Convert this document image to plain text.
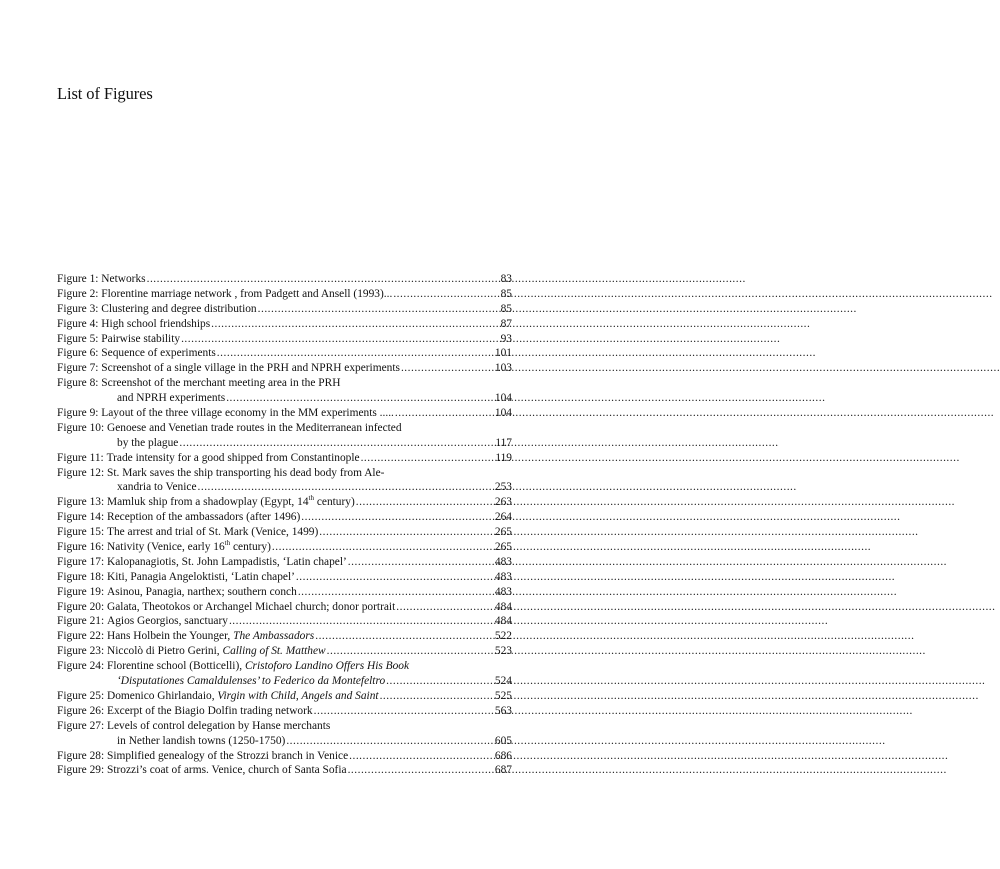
List of Figures
Figure 1: Networks .....	83
Figure 2: Florentine marriage network , from Padgett and Ansell (1993)... .....	85
Figure 3: Clustering and degree distribution .....	85
Figure 4: High school friendships .....	87
Figure 5: Pairwise stability .....	93
Figure 6: Sequence of experiments .....	101
Figure 7: Screenshot of a single village in the PRH and NPRH experiments .....	103
Figure 8: Screenshot of the merchant meeting area in the PRH
and NPRH experiments .....	104
Figure 9: Layout of the three village economy in the MM experiments ..... .....	104
Figure 10: Genoese and Venetian trade routes in the Mediterranean infected
by the plague .....	117
Figure 11: Trade intensity for a good shipped from Constantinople .....	119
Figure 12: St. Mark saves the ship transporting his dead body from Ale-
xandria to Venice .....	253
Figure 13: Mamluk ship from a shadowplay (Egypt, 14th century) .....	263
Figure 14: Reception of the ambassadors (after 1496) .....	264
Figure 15: The arrest and trial of St. Mark (Venice, 1499) .....	265
Figure 16: Nativity (Venice, early 16th century) .....	265
Figure 17: Kalopanagiotis, St. John Lampadistis, ‘Latin chapel’ .....	483
Figure 18: Kiti, Panagia Angeloktisti, ‘Latin chapel’ .....	483
Figure 19: Asinou, Panagia, narthex; southern conch .....	483
Figure 20: Galata, Theotokos or Archangel Michael church; donor portrait .....	484
Figure 21: Agios Georgios, sanctuary .....	484
Figure 22: Hans Holbein the Younger, The Ambassadors .....	522
Figure 23: Niccolò di Pietro Gerini, Calling of St. Matthew .....	523
Figure 24: Florentine school (Botticelli), Cristoforo Landino Offers His Book
‘Disputationes Camaldulenses’ to Federico da Montefeltro .....	524
Figure 25: Domenico Ghirlandaio, Virgin with Child, Angels and Saint .....	525
Figure 26: Excerpt of the Biagio Dolfin trading network .....	563
Figure 27: Levels of control delegation by Hanse merchants
in Nether landish towns (1250-1750) .....	605
Figure 28: Simplified genealogy of the Strozzi branch in Venice .....	686
Figure 29: Strozzi’s coat of arms. Venice, church of Santa Sofia .....	687
